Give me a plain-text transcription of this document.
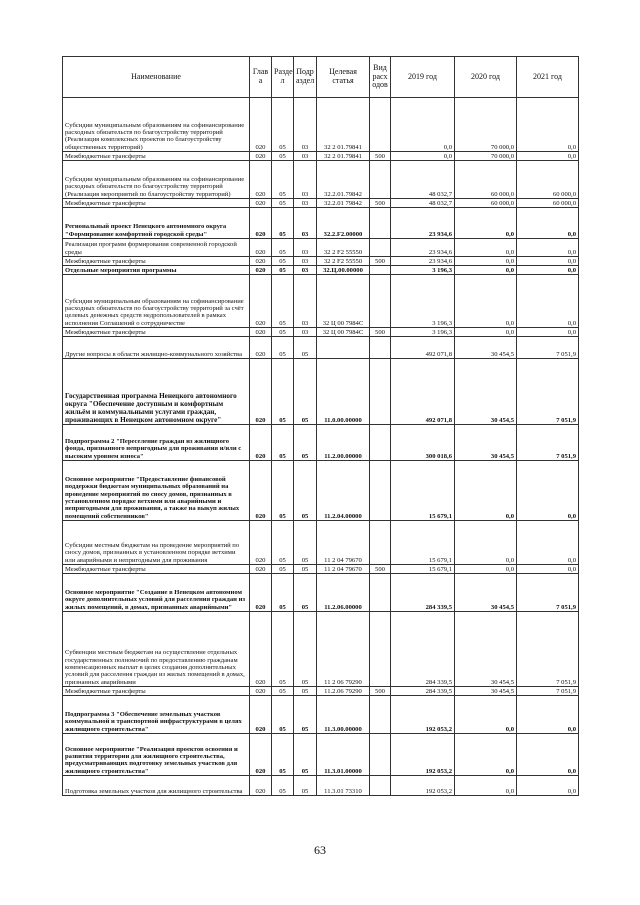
Наименование	Глав а	Разде л	Подр аздел	Целевая статья	Вид расх одов	2019 год	2020 год	2021 год
Субсидии муниципальным образованиям на софинансирование расходных обязательств по благоустройству территорий (Реализация комплексных проектов по благоустройству общественных территорий)	020	05	03	32 2 01.79841		0,0	70 000,0	0,0
Межбюджетные трансферты	020	05	03	32 2 01.79841	500	0,0	70 000,0	0,0
Субсидии муниципальным образованиям на софинансирование расходных обязательств по благоустройству территорий (Реализация мероприятий по благоустройству территорий)	020	05	03	32.2.01.79842		48 032,7	60 000,0	60 000,0
Межбюджетные трансферты	020	05	03	32.2.01 79842	500	48 032,7	60 000,0	60 000,0
Региональный проект Ненецкого автономного округа "Формирование комфортной городской среды"	020	05	03	32.2.F2.00000		23 934,6	0,0	0,0
Реализация программ формирования современной городской среды	020	05	03	32 2 F2 55550		23 934,6	0,0	0,0
Межбюджетные трансферты	020	05	03	32 2 F2 55550	500	23 934,6	0,0	0,0
Отдельные мероприятия программы	020	05	03	32.Ц.00.00000		3 196,3	0,0	0,0
Субсидия муниципальным образованиям на софинансирование расходных обязательств по благоустройству территорий за счёт целевых денежных средств недропользователей в рамках исполнения Соглашений о сотрудничестве	020	05	03	32 Ц 00 7984С		3 196,3	0,0	0,0
Межбюджетные трансферты	020	05	03	32 Ц 00 7984С	500	3 196,3	0,0	0,0
Другие вопросы в области жилищно-коммунального хозяйства	020	05	05			492 071,8	30 454,5	7 051,9
Государственная программа Ненецкого автономного округа "Обеспечение доступным и комфортным жильём и коммунальными услугами граждан, проживающих в Ненецком автономном округе"	020	05	05	11.0.00.00000		492 071,8	30 454,5	7 051,9
Подпрограмма 2 "Переселение граждан из жилищного фонда, признанного непригодным для проживания и/или с высоким уровнем износа"	020	05	05	11.2.00.00000		300 018,6	30 454,5	7 051,9
Основное мероприятие "Предоставление финансовой поддержки бюджетам муниципальных образований на проведение мероприятий по сносу домов, признанных в установленном порядке ветхими или аварийными и непригодными для проживания, а также на выкуп жилых помещений собственников"	020	05	05	11.2.04.00000		15 679,1	0,0	0,0
Субсидии местным бюджетам на проведение мероприятий по сносу домов, признанных в установленном порядке ветхими или аварийными и непригодными для проживания	020	05	05	11 2 04 79670		15 679,1	0,0	0,0
Межбюджетные трансферты	020	05	05	11 2 04 79670	500	15 679,1	0,0	0,0
Основное мероприятие "Создание в Ненецком автономном округе дополнительных условий для расселения граждан из жилых помещений, в домах, признанных аварийными"	020	05	05	11.2.06.00000		284 339,5	30 454,5	7 051,9
Субвенции местным бюджетам на осуществление отдельных государственных полномочий по предоставлению гражданам компенсационных выплат в целях создания дополнительных условий для расселения граждан из жилых помещений в домах, признанных аварийными	020	05	05	11 2 06 79290		284 339,5	30 454,5	7 051,9
Межбюджетные трансферты	020	05	05	11.2.06 79290	500	284 339,5	30 454,5	7 051,9
Подпрограмма 3 "Обеспечение земельных участков коммунальной и транспортной инфраструктурами в целях жилищного строительства"	020	05	05	11.3.00.00000		192 053,2	0,0	0,0
Основное мероприятие "Реализация проектов освоения и развития территории для жилищного строительства, предусматривающих подготовку земельных участков для жилищного строительства"	020	05	05	11.3.01.00000		192 053,2	0,0	0,0
Подготовка земельных участков для жилищного строительства	020	05	05	11.3.01 73310		192 053,2	0,0	0,0
63
